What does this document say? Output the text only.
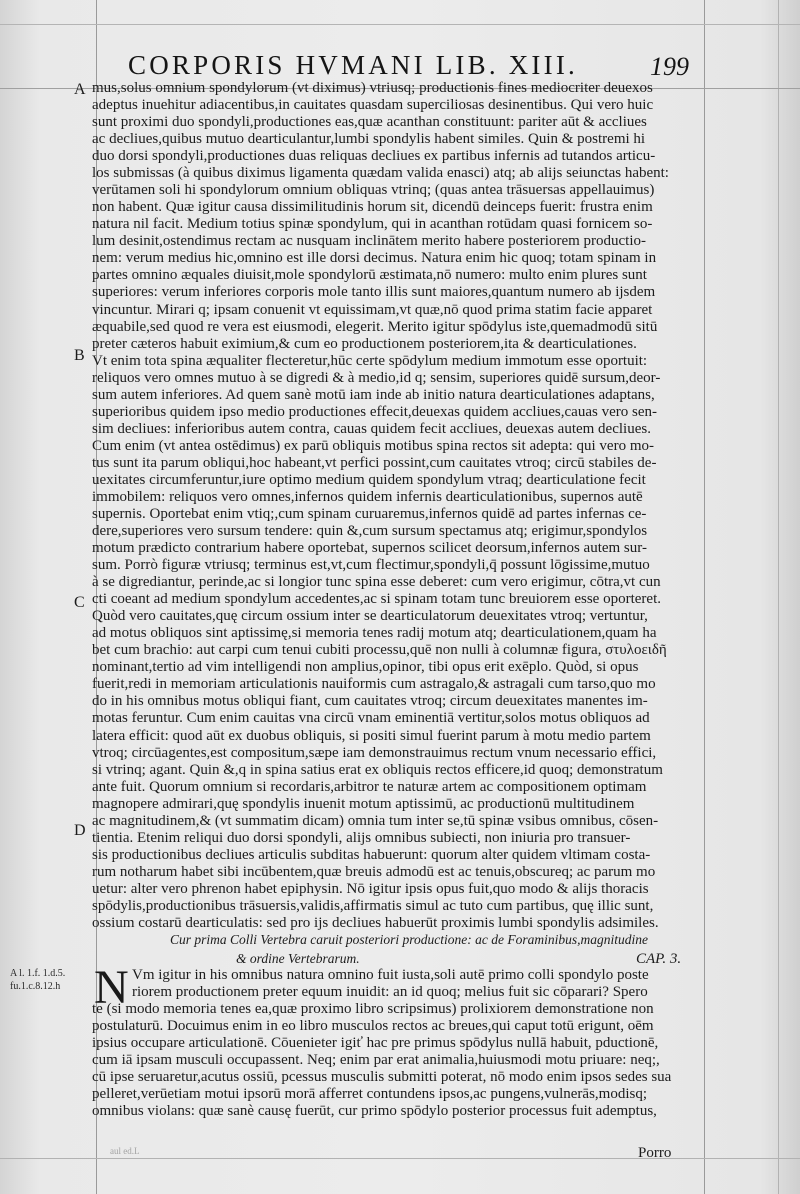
CORPORIS HVMANI LIB. XIII.	199
A
B
C
D
Cur prima Colli Vertebra caruit posteriori productione: ac de Foraminibus,magnitudine
& ordine Vertebrarum.	CAP. 3.
N
A l. 1.f. 1.d.5.
fu.1.c.8.12.h
Porro
aul ed.L
mus,solus omnium spondylorum (vt diximus) vtriusq; productionis fines mediocriter deuexos
adeptus inuehitur adiacentibus,in cauitates quasdam superciliosas desinentibus. Qui vero huic
sunt proximi duo spondyli,productiones eas,quæ acanthan constituunt: pariter aūt & accliues
ac decliues,quibus mutuo dearticulantur,lumbi spondylis habent similes. Quin & postremi hi
duo dorsi spondyli,productiones duas reliquas decliues ex partibus infernis ad tutandos articu-
los submissas (à quibus diximus ligamenta quædam valida enasci) atq; ab alijs seiunctas habent:
verūtamen soli hi spondylorum omnium obliquas vtrinq; (quas antea trāsuersas appellauimus)
non habent. Quæ igitur causa dissimilitudinis horum sit, dicendū deinceps fuerit: frustra enim
natura nil facit. Medium totius spinæ spondylum, qui in acanthan rotūdam quasi fornicem so-
lum desinit,ostendimus rectam ac nusquam inclinātem merito habere posteriorem productio-
nem: verum medius hic,omnino est ille dorsi decimus. Natura enim hic quoq; totam spinam in
partes omnino æquales diuisit,mole spondylorū æstimata,nō numero: multo enim plures sunt
superiores: verum inferiores corporis mole tanto illis sunt maiores,quantum numero ab ijsdem
vincuntur. Mirari q; ipsam conuenit vt equissimam,vt quæ,nō quod prima statim facie apparet
æquabile,sed quod re vera est eiusmodi, elegerit. Merito igitur spōdylus iste,quemadmodū sitū
preter cæteros habuit eximium,& cum eo productionem posteriorem,ita & dearticulationes.
Vt enim tota spina æqualiter flecteretur,hūc certe spōdylum medium immotum esse oportuit:
reliquos vero omnes mutuo à se digredi & à medio,id q; sensim, superiores quidē sursum,deor-
sum autem inferiores. Ad quem sanè motū iam inde ab initio natura dearticulationes adaptans,
superioribus quidem ipso medio productiones effecit,deuexas quidem accliues,cauas vero sen-
sim decliues: inferioribus autem contra, cauas quidem fecit accliues, deuexas autem decliues.
Cum enim (vt antea ostēdimus) ex parū obliquis motibus spina rectos sit adepta: qui vero mo-
tus sunt ita parum obliqui,hoc habeant,vt perfici possint,cum cauitates vtroq; circū stabiles de-
uexitates circumferuntur,iure optimo medium quidem spondylum vtraq; dearticulatione fecit
immobilem: reliquos vero omnes,infernos quidem infernis dearticulationibus, supernos autē
supernis. Oportebat enim vtiq;,cum spinam curuaremus,infernos quidē ad partes infernas ce-
dere,superiores vero sursum tendere: quin &,cum sursum spectamus atq; erigimur,spondylos
motum prædicto contrarium habere oportebat, supernos scilicet deorsum,infernos autem sur-
sum. Porrò figuræ vtriusq; terminus est,vt,cum flectimur,spondyli,q̄ possunt lōgissime,mutuo
à se digrediantur, perinde,ac si longior tunc spina esse deberet: cum vero erigimur, cōtra,vt cun
cti coeant ad medium spondylum accedentes,ac si spinam totam tunc breuiorem esse oporteret.
Quòd vero cauitates,quę circum ossium inter se dearticulatorum deuexitates vtroq; vertuntur,
ad motus obliquos sint aptissimę,si memoria tenes radij motum atq; dearticulationem,quam ha
bet cum brachio: aut carpi cum tenui cubiti processu,quē non nulli à columnæ figura, στυλοειδῆ
nominant,tertio ad vim intelligendi non amplius,opinor, tibi opus erit exēplo. Quòd, si opus
fuerit,redi in memoriam articulationis nauiformis cum astragalo,& astragali cum tarso,quo mo
do in his omnibus motus obliqui fiant, cum cauitates vtroq; circum deuexitates manentes im-
motas feruntur. Cum enim cauitas vna circū vnam eminentiā vertitur,solos motus obliquos ad
latera efficit: quod aūt ex duobus obliquis, si positi simul fuerint parum à motu medio partem
vtroq; circūagentes,est compositum,sæpe iam demonstrauimus rectum vnum necessario effici,
si vtrinq; agant. Quin &,q in spina satius erat ex obliquis rectos efficere,id quoq; demonstratum
ante fuit. Quorum omnium si recordaris,arbitror te naturæ artem ac compositionem optimam
magnopere admirari,quę spondylis inuenit motum aptissimū, ac productionū multitudinem
ac magnitudinem,& (vt summatim dicam) omnia tum inter se,tū spinæ vsibus omnibus, cōsen-
tientia. Etenim reliqui duo dorsi spondyli, alijs omnibus subiecti, non iniuria pro transuer-
sis productionibus decliues articulis subditas habuerunt: quorum alter quidem vltimam costa-
rum notharum habet sibi incūbentem,quæ breuis admodū est ac tenuis,obscureq; ac parum mo
uetur: alter vero phrenon habet epiphysin. Nō igitur ipsis opus fuit,quo modo & alijs thoracis
spōdylis,productionibus trāsuersis,validis,affirmatis simul ac tuto cum partibus, quę illic sunt,
ossium costarū dearticulatis: sed pro ijs decliues habuerūt proximis lumbi spondylis adsimiles.
Vm igitur in his omnibus natura omnino fuit iusta,soli autē primo colli spondylo poste
riorem productionem preter equum inuidit: an id quoq; melius fuit sic cōparari? Spero
te (si modo memoria tenes ea,quæ proximo libro scripsimus) prolixiorem demonstratione non
postulaturū. Docuimus enim in eo libro musculos rectos ac breues,qui caput totū erigunt, oēm
ipsius occupare articulationē. Cōuenieter igiť hac pre primus spōdylus nullā habuit, pductionē,
cum iā ipsam musculi occupassent. Neq; enim par erat animalia,huiusmodi motu priuare: neq;,
cū ipse seruaretur,acutus ossiū, pcessus musculis submitti poterat, nō modo enim ipsos sedes sua
pelleret,verūetiam motui ipsorū morā afferret contundens ipsos,ac pungens,vulnerās,modisq;
omnibus violans: quæ sanè causę fuerūt, cur primo spōdylo posterior processus fuit ademptus,
